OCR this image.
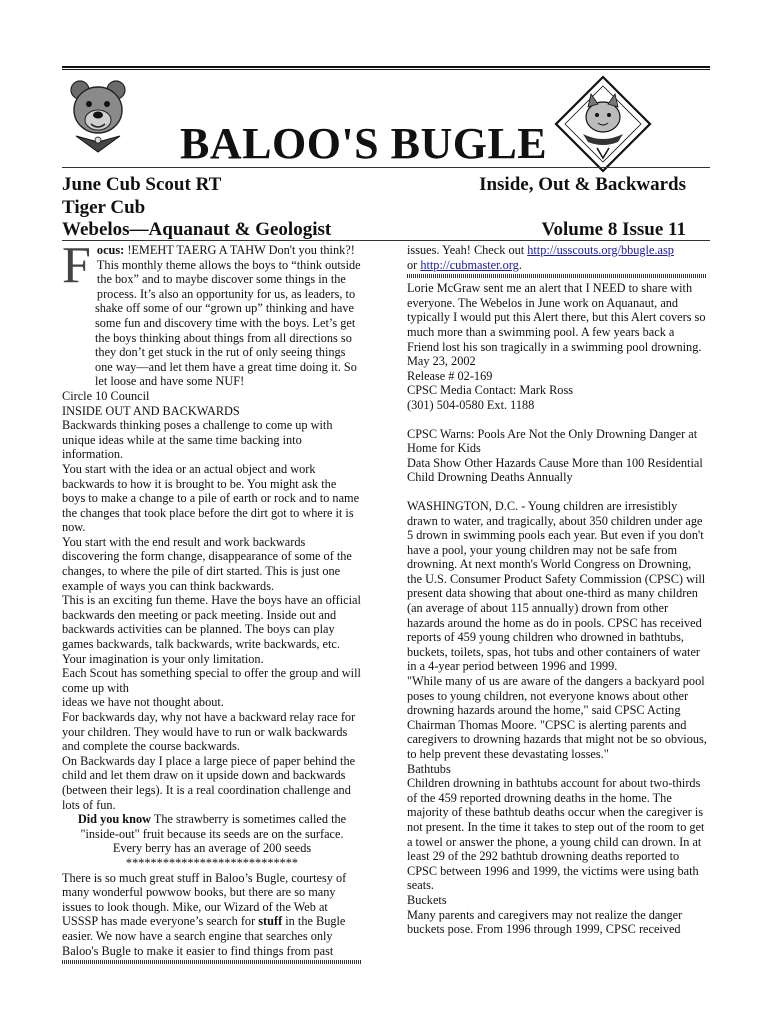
BALOO'S BUGLE
June Cub Scout RT
Tiger Cub
Webelos—Aquanaut & Geologist
Inside, Out & Backwards
Volume 8 Issue 11

Focus: !EMEHT TAERG A TAHW Don't you think?! This monthly theme allows the boys to “think outside the box” and to maybe discover some things in the process. It’s also an opportunity for us, as leaders, to shake off some of our “grown up” thinking and have some fun and discovery time with the boys. Let’s get the boys thinking about things from all directions so they don’t get stuck in the rut of only seeing things one way—and let them have a great time doing it. So let loose and have some NUF!

Circle 10 Council

INSIDE OUT AND BACKWARDS

Backwards thinking poses a challenge to come up with unique ideas while at the same time backing into information.

You start with the idea or an actual object and work backwards to how it is brought to be. You might ask the boys to make a change to a pile of earth or rock and to name the changes that took place before the dirt got to where it is now.

You start with the end result and work backwards discovering the form change, disappearance of some of the changes, to where the pile of dirt started. This is just one example of ways you can think backwards.

This is an exciting fun theme. Have the boys have an official backwards den meeting or pack meeting. Inside out and backwards activities can be planned. The boys can play games backwards, talk backwards, write backwards, etc. Your imagination is your only limitation.

Each Scout has something special to offer the group and will come up with

ideas we have not thought about.

For backwards day, why not have a backward relay race for your children. They would have to run or walk backwards and complete the course backwards.

On Backwards day I place a large piece of paper behind the child and let them draw on it upside down and backwards (between their legs). It is a real coordination challenge and lots of fun.

Did you know The strawberry is sometimes called the "inside-out" fruit because its seeds are on the surface.

Every berry has an average of 200 seeds

****************************

There is so much great stuff in Baloo’s Bugle, courtesy of many wonderful powwow books, but there are so many issues to look though. Mike, our Wizard of the Web at USSSP has made everyone’s search for stuff in the Bugle easier. We now have a search engine that searches only Baloo's Bugle to make it easier to find things from past

issues. Yeah! Check out http://usscouts.org/bbugle.asp
or http://cubmaster.org.

Lorie McGraw sent me an alert that I NEED to share with everyone. The Webelos in June work on Aquanaut, and typically I would put this Alert there, but this Alert covers so much more than a swimming pool. A few years back a Friend lost his son tragically in a swimming pool drowning.

May 23, 2002

Release # 02-169

CPSC Media Contact: Mark Ross

(301) 504-0580 Ext. 1188

CPSC Warns: Pools Are Not the Only Drowning Danger at Home for Kids

Data Show Other Hazards Cause More than 100 Residential Child Drowning Deaths Annually

WASHINGTON, D.C. - Young children are irresistibly drawn to water, and tragically, about 350 children under age 5 drown in swimming pools each year. But even if you don't have a pool, your young children may not be safe from drowning. At next month's World Congress on Drowning, the U.S. Consumer Product Safety Commission (CPSC) will present data showing that about one-third as many children (an average of about 115 annually) drown from other hazards around the home as do in pools. CPSC has received reports of 459 young children who drowned in bathtubs, buckets, toilets, spas, hot tubs and other containers of water in a 4-year period between 1996 and 1999.

"While many of us are aware of the dangers a backyard pool poses to young children, not everyone knows about other drowning hazards around the home," said CPSC Acting Chairman Thomas Moore. "CPSC is alerting parents and caregivers to drowning hazards that might not be so obvious, to help prevent these devastating losses."

Bathtubs

Children drowning in bathtubs account for about two-thirds of the 459 reported drowning deaths in the home. The majority of these bathtub deaths occur when the caregiver is not present. In the time it takes to step out of the room to get a towel or answer the phone, a young child can drown. In at least 29 of the 292 bathtub drowning deaths reported to CPSC between 1996 and 1999, the victims were using bath seats.

Buckets

Many parents and caregivers may not realize the danger buckets pose. From 1996 through 1999, CPSC received
